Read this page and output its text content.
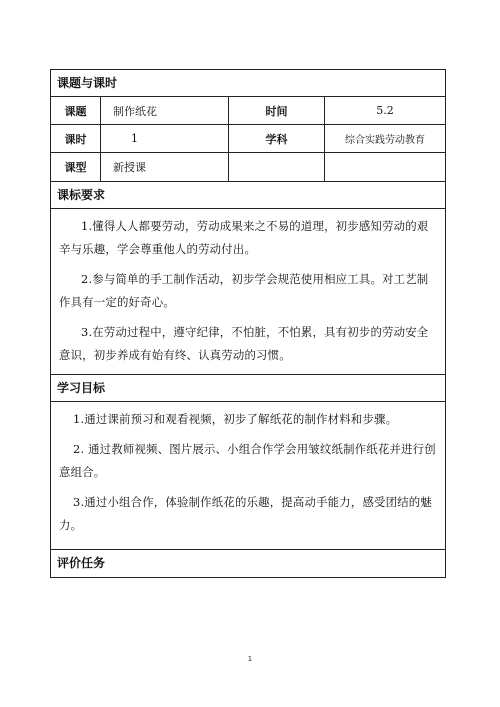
课题与课时
课题	制作纸花	时间	5.2
课时	1	学科	综合实践劳动教育
课型	新授课
课标要求

1.懂得人人都要劳动，劳动成果来之不易的道理，初步感知劳动的艰辛与乐趣，学会尊重他人的劳动付出。

2.参与简单的手工制作活动，初步学会规范使用相应工具。对工艺制作具有一定的好奇心。

3.在劳动过程中，遵守纪律，不怕脏，不怕累，具有初步的劳动安全意识，初步养成有始有终、认真劳动的习惯。

学习目标

1.通过课前预习和观看视频，初步了解纸花的制作材料和步骤。

2. 通过教师视频、图片展示、小组合作学会用皱纹纸制作纸花并进行创意组合。

3.通过小组合作，体验制作纸花的乐趣，提高动手能力，感受团结的魅力。

评价任务
1
